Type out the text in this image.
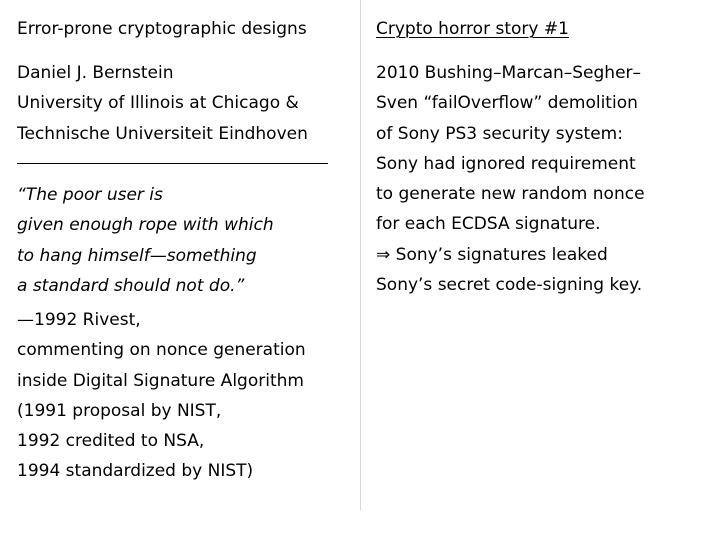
Error-prone cryptographic designs
Daniel J. Bernstein
University of Illinois at Chicago &
Technische Universiteit Eindhoven
“The poor user is
given enough rope with which
to hang himself—something
a standard should not do.”
—1992 Rivest,
commenting on nonce generation
inside Digital Signature Algorithm
(1991 proposal by NIST,
1992 credited to NSA,
1994 standardized by NIST)
Crypto horror story #1
2010 Bushing–Marcan–Segher–
Sven “failOverflow” demolition
of Sony PS3 security system:
Sony had ignored requirement
to generate new random nonce
for each ECDSA signature.
⇒ Sony’s signatures leaked
Sony’s secret code-signing key.
